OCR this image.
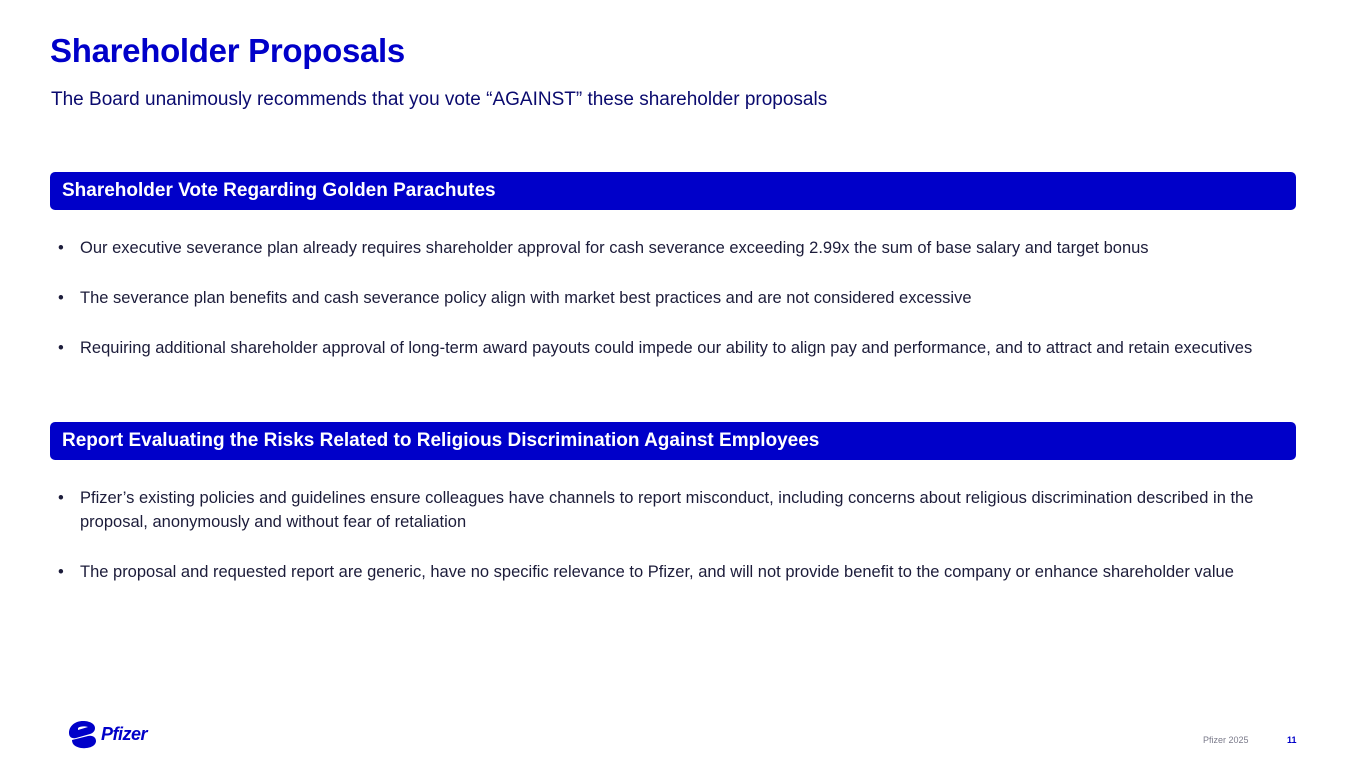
Shareholder Proposals
The Board unanimously recommends that you vote “AGAINST” these shareholder proposals
Shareholder Vote Regarding Golden Parachutes
• Our executive severance plan already requires shareholder approval for cash severance exceeding 2.99x the sum of base salary and target bonus
• The severance plan benefits and cash severance policy align with market best practices and are not considered excessive
• Requiring additional shareholder approval of long-term award payouts could impede our ability to align pay and performance, and to attract and retain executives
Report Evaluating the Risks Related to Religious Discrimination Against Employees
• Pfizer’s existing policies and guidelines ensure colleagues have channels to report misconduct, including concerns about religious discrimination described in the proposal, anonymously and without fear of retaliation
• The proposal and requested report are generic, have no specific relevance to Pfizer, and will not provide benefit to the company or enhance shareholder value
Pfizer	Pfizer 2025	11
